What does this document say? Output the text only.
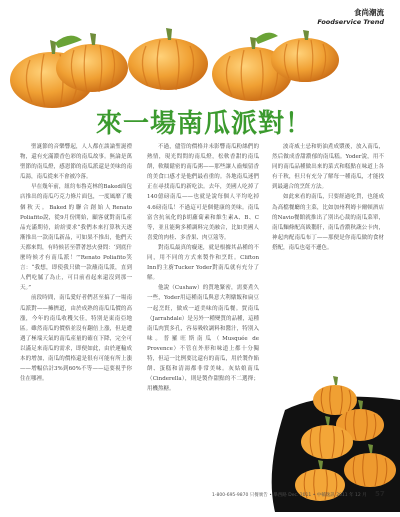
食尚潮流
Foodservice Trend
來一場南瓜派對！

聖誕節的音樂響起，人人都在談論聖誕禮物，還有充滿濃香色彩的南瓜故事。無論是萬聖節的南瓜燈，感恩節的南瓜派還是美味的南瓜湯，南瓜從來不會被冷落。

早在幾年前，紐約布魯克林的Baked面包店推出的南瓜巧克力條片面包，一度風靡了幾個秋天。Baked的聯合創始人Renato Poliafito說，從9月份開始，顧客就對南瓜產品充滿期待，紛紛要求“我們本來打算秋天逐漸推出一款南瓜新品，可如果不推出，他們天天都來問，有時候甚至帶著怒火發問：‘到底什麼時候才有南瓜派！’”Renato Poliafito笑言：“我想，即使我只做一款蘸南瓜派，直到人們吃膩了為止，可目前看起來還沒到那一天。”

前段時間，南瓜愛好者們甚至搞了一場南瓜派對——擁擠道，由於成熟的南瓜瓜價的高漲，今年的南瓜收穫欠佳，特別是東南亞地區。雖然南瓜的價格並沒有翻倍上漲，但是遭遇了極端天氣的南瓜產量的確在下降，完全可以滿足來南瓜的需求，即便如此，由於運輸成本的增加，南瓜的價格還是很有可能有所上漲——增幅估計3%到60%不等——這要視乎你住在哪裡。

不過，儘管的價格并未影響南瓜粉絲們的熱情，現光問問的南瓜燈，松軟香甜的南瓜餅，軟糯鬆密的南瓜粥——那些讓人齒頰留香的美食口感才是他們最看重的。各地南瓜迷們正在尋找南瓜的新吃法。去年，美國人吃掉了140億磅南瓜——也就是說每個人平均吃掉4.6磅南瓜！不過這可是個健康的美味。南瓜富含抗氧化的β胡蘿蔔素和維生素A、B、C等，並且能夠多種調料完美融合，比如美國人喜愛的肉桂、多香果、肉豆蔻等。

對南瓜最真的癡迷，就是根據其品種的不同，用不同的方式來製作和烹飪。Clifton Inn的主廚Tucker Yoder對南瓜就有充分了解。

他說（Cushaw）的質地緊密，需要煮久一些，Yoder用這種南瓜與意大利燉飯和扁豆一起烹飪，做成一道美味的南瓜餐。賈南瓜（Jarrahdale）是另外一種變質的品種，這種南瓜肉質多孔，容易吸收調料和醬汁，特別入味。普羅旺斯南瓜（Musquée de Provence）不管在外形和味道上都十分獨特，但這一比例要比還有的南瓜，用於製作餡餅、蛋糕和清湯都非常美味。灰姑娘南瓜（Cinderella），則是製作甜點的不二選擇；用機熬糖。

波奇威士忌和奶油煮成漿後，放入南瓜，然后做成香甜濃郁的南瓜糕。Yoder說，用不同的南瓜品種做出來的菜式和糕點在味道上各有千秋，但只有充分了解每一種南瓜，才能找到最適合的烹飪方法。

如此來看的南瓜，只要經過吃貨，也能成為高檔餐廳的主菜，比如加州利姆卡爾頓酒店的Navio餐館就推出了別出心裁的南瓜菜單，南瓜麵條配高級鵝肝，南瓜香濃秋蔬公卡肉，神起肉配南瓜布丁——那便是你南瓜做的食材搭配，南瓜也毫不遜色。

1-800-695-9870 只餐廣告 • 畢西路 Dec. 2011 • 中輔逸訊 2011 年 12 月 57
